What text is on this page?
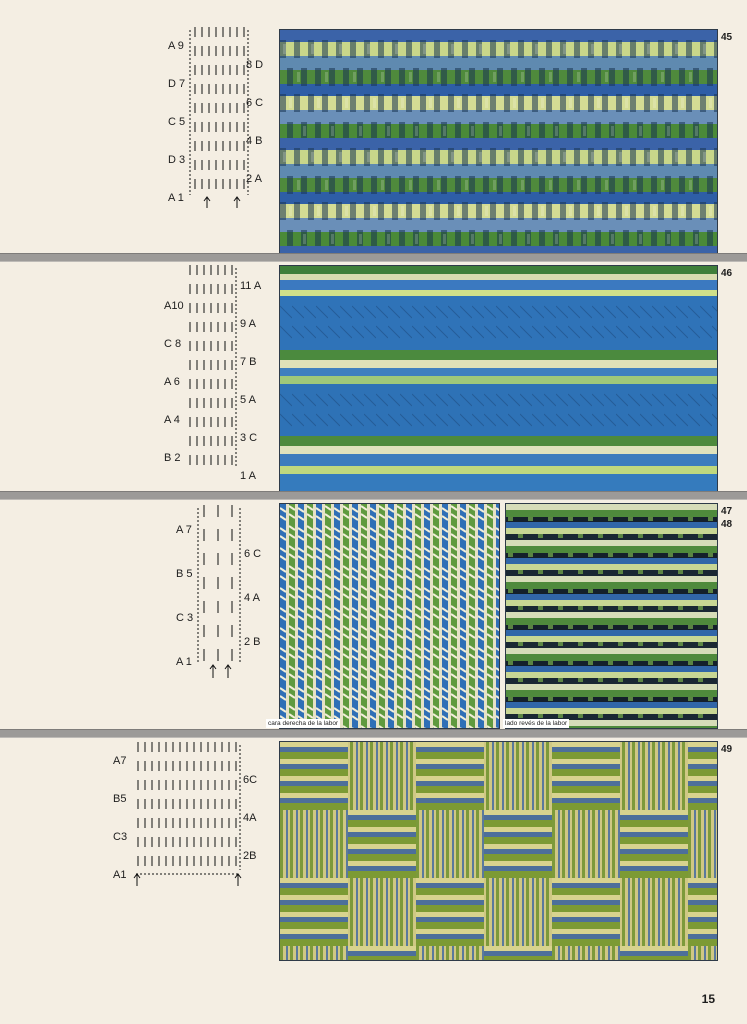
A 9
D 7
C 5
D 3
A 1
8 D
6 C
4 B
2 A
45
A10
C 8
A 6
A 4
B 2
11 A
9 A
7 B
5 A
3 C
1 A
46
A 7
B 5
C 3
A 1
6 C
4 A
2 B
cara derecha de la labor	lado revés de la labor
47
48
A7
B5
C3
A1
6C
4A
2B
49
15
